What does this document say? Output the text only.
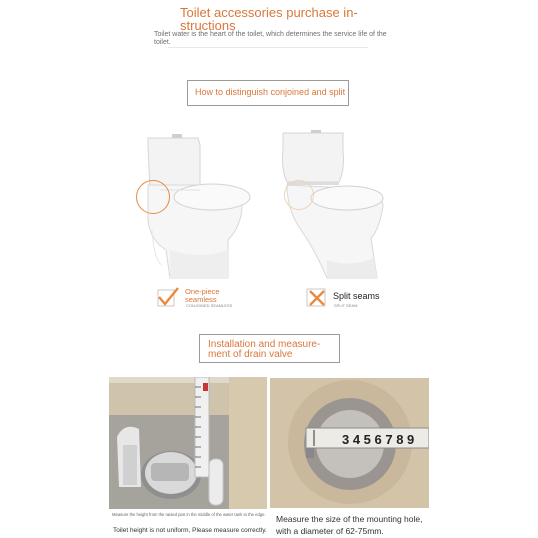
Toilet accessories purchase in-structions
Toilet water is the heart of the toilet, which determines the service life of the toilet.
How to distinguish conjoined and split
One-piece seamless
CONJOINED SEAMLESS
Split seams
SPLIT SEAM
Installation and measure-ment of drain valve
Measure the height from the raised part in the middle of the water tank to the edge.
Toilet height is not uniform, Please measure correctly.
3 4 5 6 7 8 9
Measure the size of the mounting hole, with a diameter of 62-75mm.
